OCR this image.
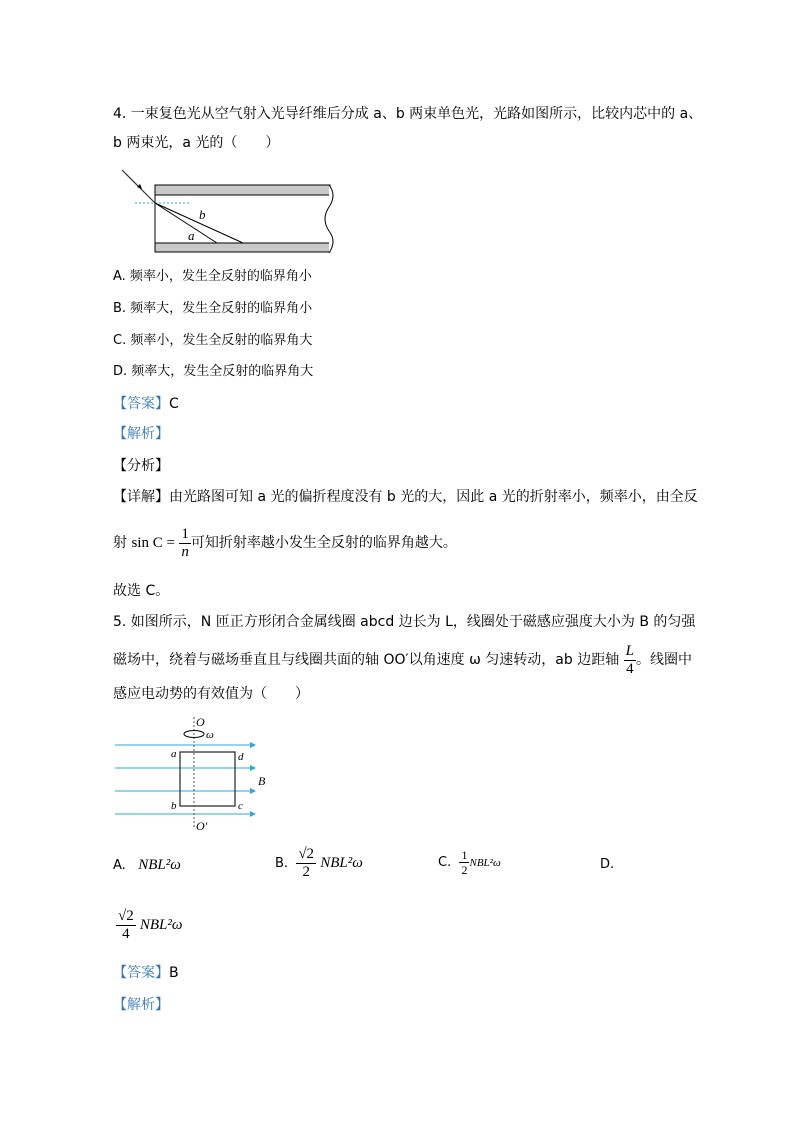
4. 一束复色光从空气射入光导纤维后分成 a、b 两束单色光，光路如图所示，比较内芯中的 a、
b 两束光，a 光的（　　）
b
a
A. 频率小，发生全反射的临界角小
B. 频率大，发生全反射的临界角小
C. 频率小，发生全反射的临界角大
D. 频率大，发生全反射的临界角大
【答案】C
【解析】
【分析】
【详解】由光路图可知 a 光的偏折程度没有 b 光的大，因此 a 光的折射率小，频率小，由全反
射 $\sin C = \frac{1}{n}$ 可知折射率越小发生全反射的临界角越大。
故选 C。
5. 如图所示，N 匝正方形闭合金属线圈 abcd 边长为 L，线圈处于磁感应强度大小为 B 的匀强
磁场中，绕着与磁场垂直且与线圈共面的轴 OO′以角速度 ω 匀速转动，ab 边距轴 $\frac{L}{4}$ 。线圈中
感应电动势的有效值为（　　）
O
ω
a	d
b	c
B
O′
A. NBL²ω	B. $\frac{√2}{2} NBL^2\omega$	C. $\frac{1}{2} NBL^2\omega$	D.
$\frac{√2}{4} NBL^2\omega$
【答案】B
【解析】
